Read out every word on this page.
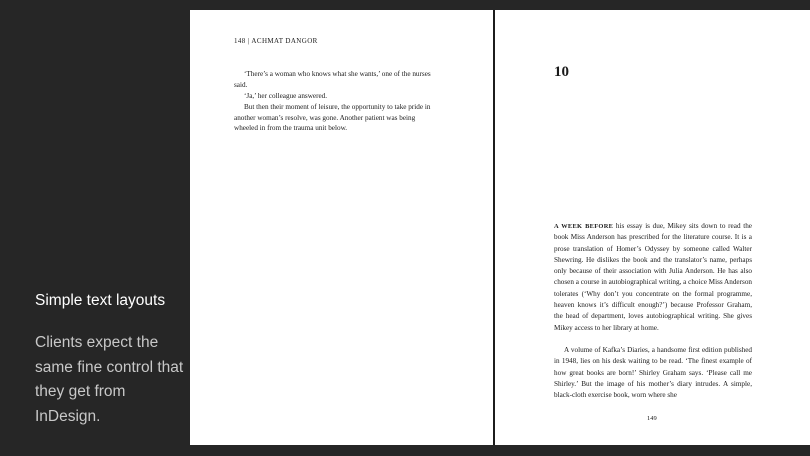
Simple text layouts
Clients expect the same fine control that they get from InDesign.
148 | ACHMAT DANGOR

‘There’s a woman who knows what she wants,’ one of the nurses said.

‘Ja,’ her colleague answered.

But then their moment of leisure, the opportunity to take pride in another woman’s resolve, was gone. Another patient was being wheeled in from the trauma unit below.

10

A WEEK BEFORE his essay is due, Mikey sits down to read the book Miss Anderson has prescribed for the literature course. It is a prose translation of Homer’s Odyssey by someone called Walter Shewring. He dislikes the book and the translator’s name, perhaps only because of their association with Julia Anderson. He has also chosen a course in autobiographical writing, a choice Miss Anderson tolerates (‘Why don’t you concentrate on the formal programme, heaven knows it’s difficult enough?’) because Professor Graham, the head of department, loves autobiographical writing. She gives Mikey access to her library at home.

A volume of Kafka’s Diaries, a handsome first edition published in 1948, lies on his desk waiting to be read. ‘The finest example of how great books are born!’ Shirley Graham says. ‘Please call me Shirley.’ But the image of his mother’s diary intrudes. A simple, black-cloth exercise book, worn where she

149
